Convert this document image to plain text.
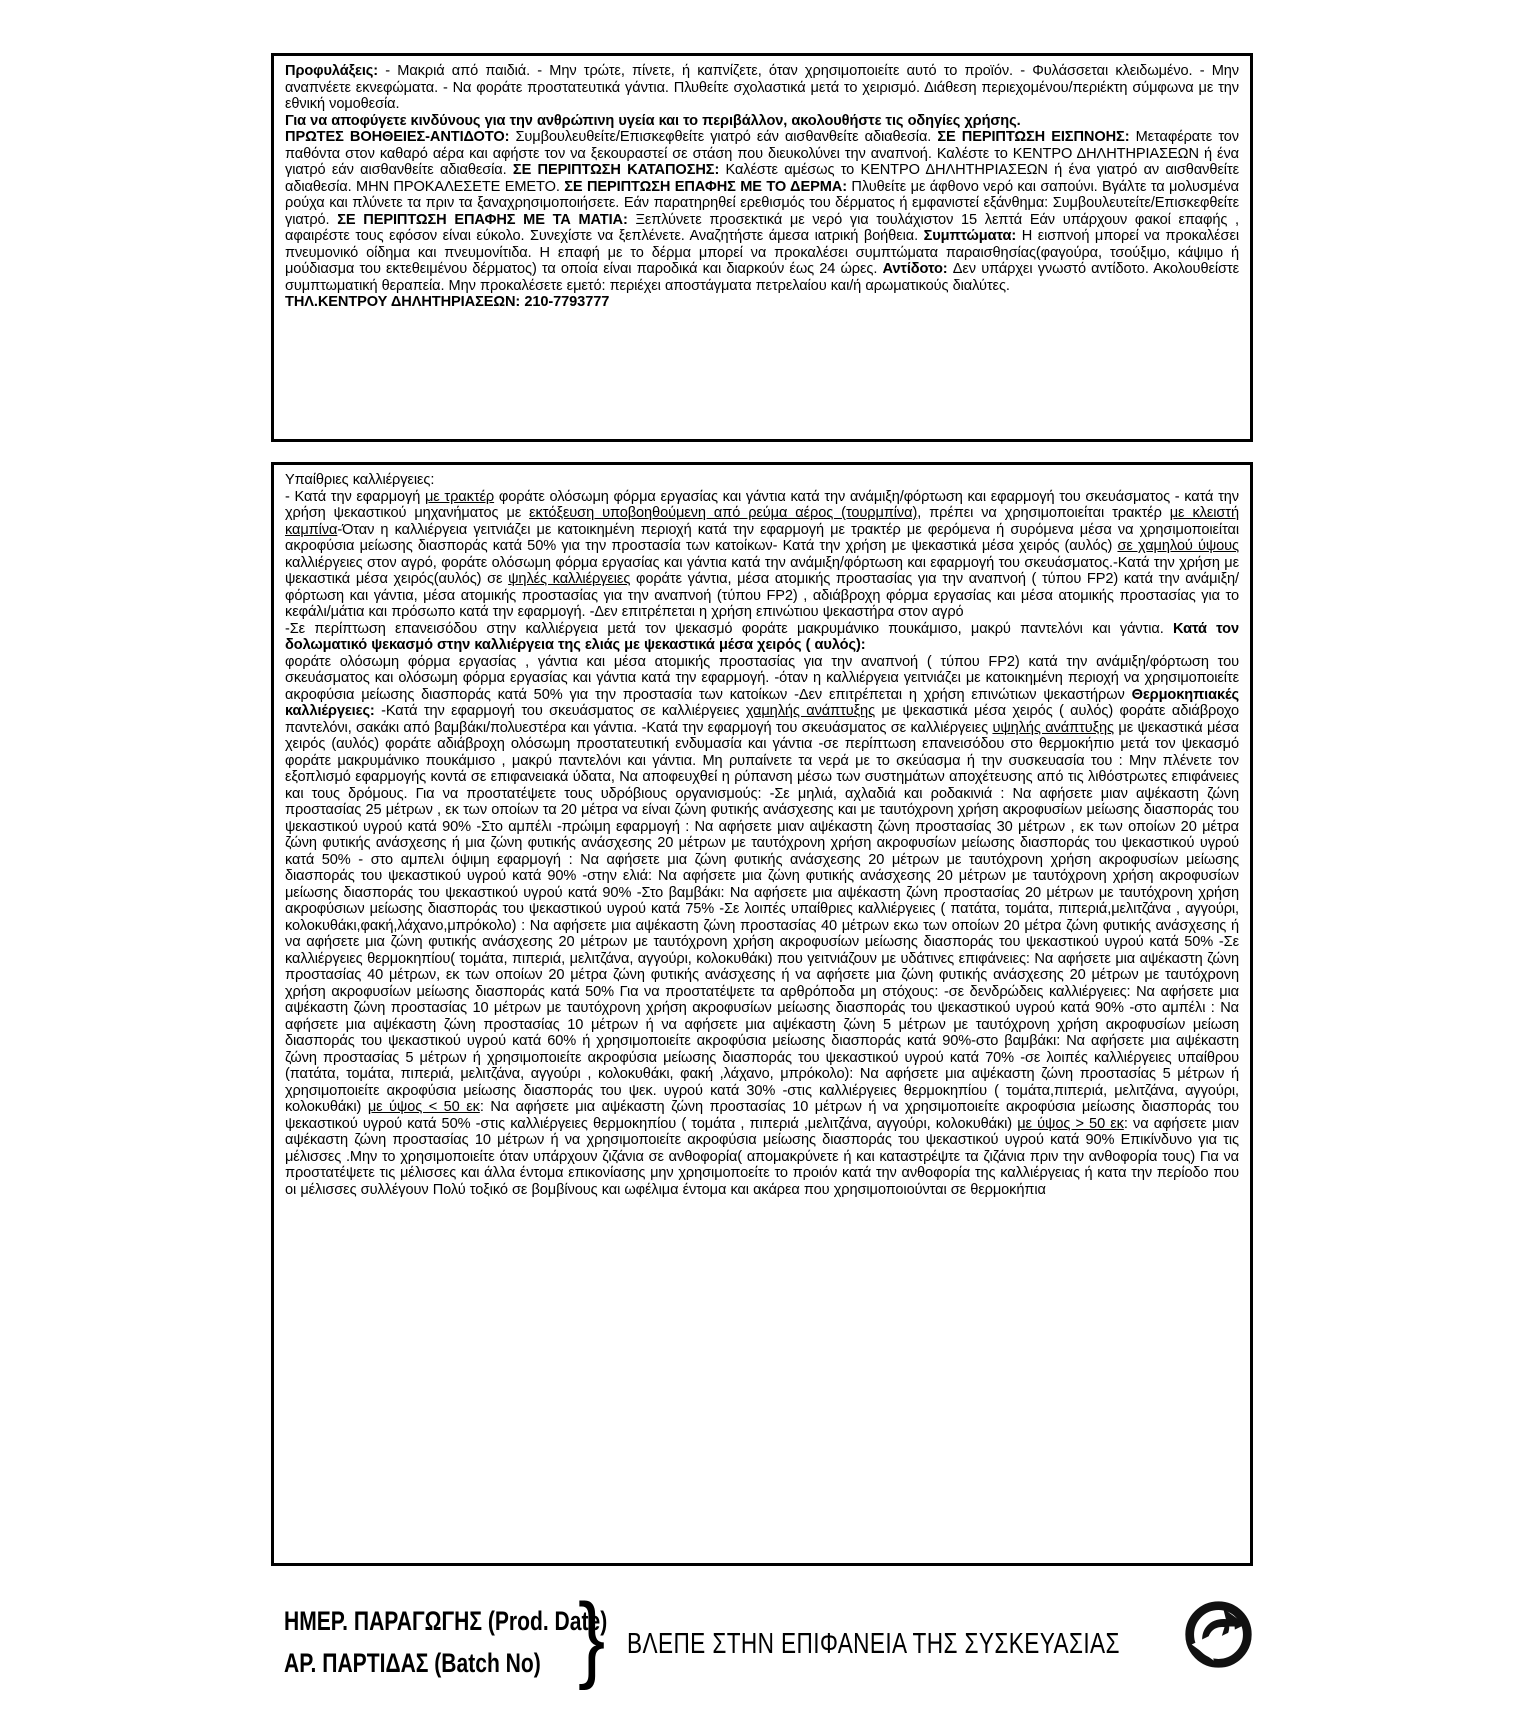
Προφυλάξεις: - Μακριά από παιδιά. - Μην τρώτε, πίνετε, ή καπνίζετε, όταν χρησιμοποιείτε αυτό το προϊόν. - Φυλάσσεται κλειδωμένο. - Μην αναπνέετε εκνεφώματα. - Να φοράτε προστατευτικά γάντια. Πλυθείτε σχολαστικά μετά το χειρισμό. Διάθεση περιεχομένου/περιέκτη σύμφωνα με την εθνική νομοθεσία.

Για να αποφύγετε κινδύνους για την ανθρώπινη υγεία και το περιβάλλον, ακολουθήστε τις οδηγίες χρήσης.

ΠΡΩΤΕΣ ΒΟΗΘΕΙΕΣ-ΑΝΤΙΔΟΤΟ: Συμβουλευθείτε/Επισκεφθείτε γιατρό εάν αισθανθείτε αδιαθεσία. ΣΕ ΠΕΡΙΠΤΩΣΗ ΕΙΣΠΝΟΗΣ: Μεταφέρατε τον παθόντα στον καθαρό αέρα και αφήστε τον να ξεκουραστεί σε στάση που διευκολύνει την αναπνοή. Καλέστε το ΚΕΝΤΡΟ ΔΗΛΗΤΗΡΙΑΣΕΩΝ ή ένα γιατρό εάν αισθανθείτε αδιαθεσία. ΣΕ ΠΕΡΙΠΤΩΣΗ ΚΑΤΑΠΟΣΗΣ: Καλέστε αμέσως το ΚΕΝΤΡΟ ΔΗΛΗΤΗΡΙΑΣΕΩΝ ή ένα γιατρό αν αισθανθείτε αδιαθεσία. ΜΗΝ ΠΡΟΚΑΛΕΣΕΤΕ ΕΜΕΤΟ. ΣΕ ΠΕΡΙΠΤΩΣΗ ΕΠΑΦΗΣ ΜΕ ΤΟ ΔΕΡΜΑ: Πλυθείτε με άφθονο νερό και σαπούνι. Βγάλτε τα μολυσμένα ρούχα και πλύνετε τα πριν τα ξαναχρησιμοποιήσετε. Εάν παρατηρηθεί ερεθισμός του δέρματος ή εμφανιστεί εξάνθημα: Συμβουλευτείτε/Επισκεφθείτε γιατρό. ΣΕ ΠΕΡΙΠΤΩΣΗ ΕΠΑΦΗΣ ΜΕ ΤΑ ΜΑΤΙΑ: Ξεπλύνετε προσεκτικά με νερό για τουλάχιστον 15 λεπτά Εάν υπάρχουν φακοί επαφής , αφαιρέστε τους εφόσον είναι εύκολο. Συνεχίστε να ξεπλένετε. Αναζητήστε άμεσα ιατρική βοήθεια. Συμπτώματα: Η εισπνοή μπορεί να προκαλέσει πνευμονικό οίδημα και πνευμονίτιδα. Η επαφή με το δέρμα μπορεί να προκαλέσει συμπτώματα παραισθησίας(φαγούρα, τσούξιμο, κάψιμο ή μούδιασμα του εκτεθειμένου δέρματος) τα οποία είναι παροδικά και διαρκούν έως 24 ώρες. Αντίδοτο: Δεν υπάρχει γνωστό αντίδοτο. Ακολουθείστε συμπτωματική θεραπεία. Μην προκαλέσετε εμετό: περιέχει αποστάγματα πετρελαίου και/ή αρωματικούς διαλύτες.

ΤΗΛ.ΚΕΝΤΡΟΥ ΔΗΛΗΤΗΡΙΑΣΕΩΝ: 210-7793777

Υπαίθριες καλλιέργειες:

- Κατά την εφαρμογή με τρακτέρ φοράτε ολόσωμη φόρμα εργασίας και γάντια κατά την ανάμιξη/φόρτωση και εφαρμογή του σκευάσματος - κατά την χρήση ψεκαστικού μηχανήματος με εκτόξευση υποβοηθούμενη από ρεύμα αέρος (τουρμπίνα), πρέπει να χρησιμοποιείται τρακτέρ με κλειστή καμπίνα-Όταν η καλλιέργεια γειτνιάζει με κατοικημένη περιοχή κατά την εφαρμογή με τρακτέρ με φερόμενα ή συρόμενα μέσα να χρησιμοποιείται ακροφύσια μείωσης διασποράς κατά 50% για την προστασία των κατοίκων- Κατά την χρήση με ψεκαστικά μέσα χειρός (αυλός) σε χαμηλού ύψους καλλιέργειες στον αγρό, φοράτε ολόσωμη φόρμα εργασίας και γάντια κατά την ανάμιξη/φόρτωση και εφαρμογή του σκευάσματος.-Κατά την χρήση με ψεκαστικά μέσα χειρός(αυλός) σε ψηλές καλλιέργειες φοράτε γάντια, μέσα ατομικής προστασίας για την αναπνοή ( τύπου FP2) κατά την ανάμιξη/φόρτωση και γάντια, μέσα ατομικής προστασίας για την αναπνοή (τύπου FP2) , αδιάβροχη φόρμα εργασίας και μέσα ατομικής προστασίας για το κεφάλι/μάτια και πρόσωπο κατά την εφαρμογή. -Δεν επιτρέπεται η χρήση επινώτιου ψεκαστήρα στον αγρό

-Σε περίπτωση επανεισόδου στην καλλιέργεια μετά τον ψεκασμό φοράτε μακρυμάνικο πουκάμισο, μακρύ παντελόνι και γάντια. Κατά τον δολωματικό ψεκασμό στην καλλιέργεια της ελιάς με ψεκαστικά μέσα χειρός ( αυλός):

φοράτε ολόσωμη φόρμα εργασίας , γάντια και μέσα ατομικής προστασίας για την αναπνοή ( τύπου FP2) κατά την ανάμιξη/φόρτωση του σκευάσματος και ολόσωμη φόρμα εργασίας και γάντια κατά την εφαρμογή. -όταν η καλλιέργεια γειτνιάζει με κατοικημένη περιοχή να χρησιμοποιείτε ακροφύσια μείωσης διασποράς κατά 50% για την προστασία των κατοίκων -Δεν επιτρέπεται η χρήση επινώτιων ψεκαστήρων Θερμοκηπιακές καλλιέργειες: -Κατά την εφαρμογή του σκευάσματος σε καλλιέργειες χαμηλής ανάπτυξης με ψεκαστικά μέσα χειρός ( αυλός) φοράτε αδιάβροχο παντελόνι, σακάκι από βαμβάκι/πολυεστέρα και γάντια. -Κατά την εφαρμογή του σκευάσματος σε καλλιέργειες υψηλής ανάπτυξης με ψεκαστικά μέσα χειρός (αυλός) φοράτε αδιάβροχη ολόσωμη προστατευτική ενδυμασία και γάντια -σε περίπτωση επανεισόδου στο θερμοκήπιο μετά τον ψεκασμό φοράτε μακρυμάνικο πουκάμισο , μακρύ παντελόνι και γάντια. Μη ρυπαίνετε τα νερά με το σκεύασμα ή την συσκευασία του : Μην πλένετε τον εξοπλισμό εφαρμογής κοντά σε επιφανειακά ύδατα, Να αποφευχθεί η ρύπανση μέσω των συστημάτων αποχέτευσης από τις λιθόστρωτες επιφάνειες και τους δρόμους. Για να προστατέψετε τους υδρόβιους οργανισμούς: -Σε μηλιά, αχλαδιά και ροδακινιά : Να αφήσετε μιαν αψέκαστη ζώνη προστασίας 25 μέτρων , εκ των οποίων τα 20 μέτρα να είναι ζώνη φυτικής ανάσχεσης και με ταυτόχρονη χρήση ακροφυσίων μείωσης διασποράς του ψεκαστικού υγρού κατά 90% -Στο αμπέλι -πρώιμη εφαρμογή : Να αφήσετε μιαν αψέκαστη ζώνη προστασίας 30 μέτρων , εκ των οποίων 20 μέτρα ζώνη φυτικής ανάσχεσης ή μια ζώνη φυτικής ανάσχεσης 20 μέτρων με ταυτόχρονη χρήση ακροφυσίων μείωσης διασποράς του ψεκαστικού υγρού κατά 50% - στο αμπελι όψιμη εφαρμογή : Να αφήσετε μια ζώνη φυτικής ανάσχεσης 20 μέτρων με ταυτόχρονη χρήση ακροφυσίων μείωσης διασποράς του ψεκαστικού υγρού κατά 90% -στην ελιά: Να αφήσετε μια ζώνη φυτικής ανάσχεσης 20 μέτρων με ταυτόχρονη χρήση ακροφυσίων μείωσης διασποράς του ψεκαστικού υγρού κατά 90% -Στο βαμβάκι: Να αφήσετε μια αψέκαστη ζώνη προστασίας 20 μέτρων με ταυτόχρονη χρήση ακροφύσιων μείωσης διασποράς του ψεκαστικού υγρού κατά 75% -Σε λοιπές υπαίθριες καλλιέργειες ( πατάτα, τομάτα, πιπεριά,μελιτζάνα , αγγούρι, κολοκυθάκι,φακή,λάχανο,μπρόκολο) : Να αφήσετε μια αψέκαστη ζώνη προστασίας 40 μέτρων εκω των οποίων 20 μέτρα ζώνη φυτικής ανάσχεσης ή να αφήσετε μια ζώνη φυτικής ανάσχεσης 20 μέτρων με ταυτόχρονη χρήση ακροφυσίων μείωσης διασποράς του ψεκαστικού υγρού κατά 50% -Σε καλλιέργειες θερμοκηπίου( τομάτα, πιπεριά, μελιτζάνα, αγγούρι, κολοκυθάκι) που γειτνιάζουν με υδάτινες επιφάνειες: Να αφήσετε μια αψέκαστη ζώνη προστασίας 40 μέτρων, εκ των οποίων 20 μέτρα ζώνη φυτικής ανάσχεσης ή να αφήσετε μια ζώνη φυτικής ανάσχεσης 20 μέτρων με ταυτόχρονη χρήση ακροφυσίων μείωσης διασποράς κατά 50% Για να προστατέψετε τα αρθρόποδα μη στόχους: -σε δενδρώδεις καλλιέργειες: Να αφήσετε μια αψέκαστη ζώνη προστασίας 10 μέτρων με ταυτόχρονη χρήση ακροφυσίων μείωσης διασποράς του ψεκαστικού υγρού κατά 90% -στο αμπέλι : Να αφήσετε μια αψέκαστη ζώνη προστασίας 10 μέτρων ή να αφήσετε μια αψέκαστη ζώνη 5 μέτρων με ταυτόχρονη χρήση ακροφυσίων μείωση διασποράς του ψεκαστικού υγρού κατά 60% ή χρησιμοποιείτε ακροφύσια μείωσης διασποράς κατά 90%-στο βαμβάκι: Να αφήσετε μια αψέκαστη ζώνη προστασίας 5 μέτρων ή χρησιμοποιείτε ακροφύσια μείωσης διασποράς του ψεκαστικού υγρού κατά 70% -σε λοιπές καλλιέργειες υπαίθρου (πατάτα, τομάτα, πιπεριά, μελιτζάνα, αγγούρι , κολοκυθάκι, φακή ,λάχανο, μπρόκολο): Να αφήσετε μια αψέκαστη ζώνη προστασίας 5 μέτρων ή χρησιμοποιείτε ακροφύσια μείωσης διασποράς του ψεκ. υγρού κατά 30% -στις καλλιέργειες θερμοκηπίου ( τομάτα,πιπεριά, μελιτζάνα, αγγούρι, κολοκυθάκι) με ύψος < 50 εκ: Να αφήσετε μια αψέκαστη ζώνη προστασίας 10 μέτρων ή να χρησιμοποιείτε ακροφύσια μείωσης διασποράς του ψεκαστικού υγρού κατά 50% -στις καλλιέργειες θερμοκηπίου ( τομάτα , πιπεριά ,μελιτζάνα, αγγούρι, κολοκυθάκι) με ύψος > 50 εκ: να αφήσετε μιαν αψέκαστη ζώνη προστασίας 10 μέτρων ή να χρησιμοποιείτε ακροφύσια μείωσης διασποράς του ψεκαστικού υγρού κατά 90% Επικίνδυνο για τις μέλισσες .Μην το χρησιμοποιείτε όταν υπάρχουν ζιζάνια σε ανθοφορία( απομακρύνετε ή και καταστρέψτε τα ζιζάνια πριν την ανθοφορία τους) Για να προστατέψετε τις μέλισσες και άλλα έντομα επικονίασης μην χρησιμοποείτε το προιόν κατά την ανθοφορία της καλλιέργειας ή κατα την περίοδο που οι μέλισσες συλλέγουν Πολύ τοξικό σε βομβίνους και ωφέλιμα έντομα και ακάρεα που χρησιμοποιούνται σε θερμοκήπια

ΗΜΕΡ. ΠΑΡΑΓΩΓΗΣ (Prod. Date)
ΑΡ. ΠΑΡΤΙΔΑΣ (Batch No) } ΒΛΕΠΕ ΣΤΗΝ ΕΠΙΦΑΝΕΙΑ ΤΗΣ ΣΥΣΚΕΥΑΣΙΑΣ
